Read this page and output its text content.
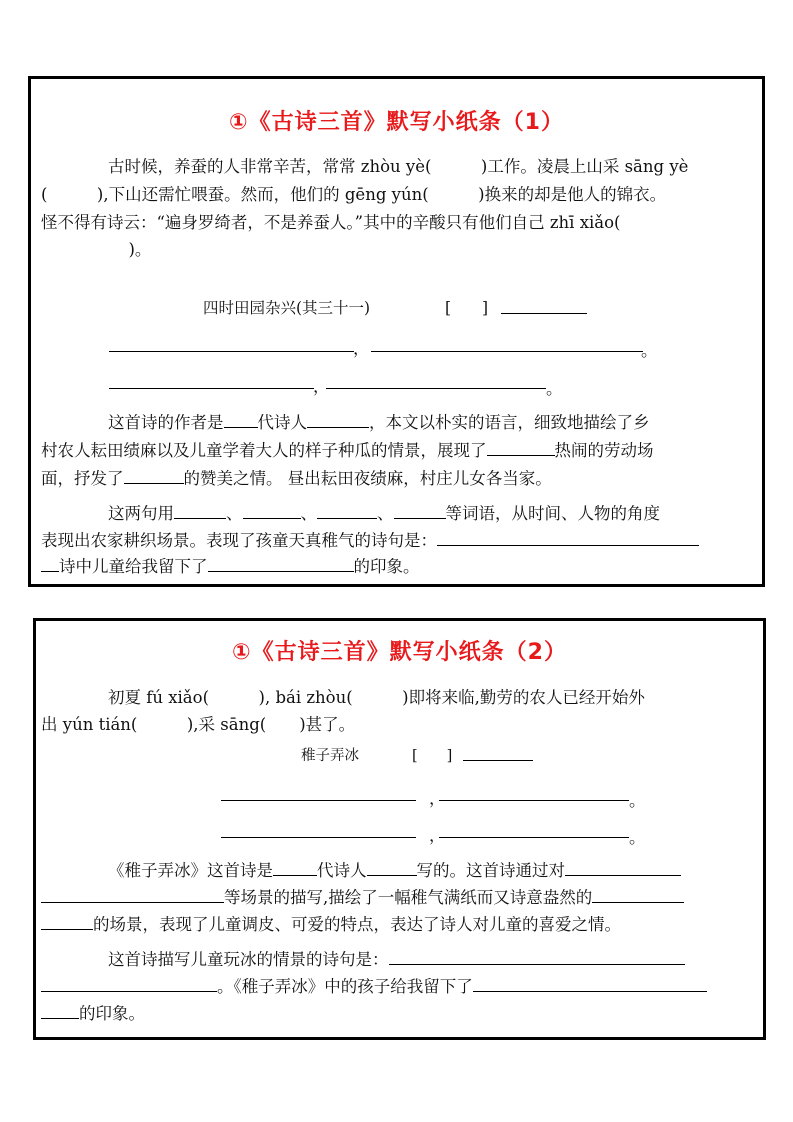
①《古诗三首》默写小纸条（1）
古时候，养蚕的人非常辛苦，常常 zhòu yè(　　　)工作。凌晨上山采 sāng yè
(　　　),下山还需忙喂蚕。然而，他们的 gēng yún(　　　)换来的却是他人的锦衣。
怪不得有诗云：“遍身罗绮者，不是养蚕人。”其中的辛酸只有他们自己 zhī xiǎo(
　　　)。
四时田园杂兴(其三十一)	[　　]
，	。
，	。
这首诗的作者是 代诗人	，本文以朴实的语言，细致地描绘了乡
村农人耘田绩麻以及儿童学着大人的样子种瓜的情景，展现了	热闹的劳动场
面，抒发了	的赞美之情。 昼出耘田夜绩麻，村庄儿女各当家。
这两句用	、	、	、	等词语，从时间、人物的角度
表现出农家耕织场景。表现了孩童天真稚气的诗句是：
诗中儿童给我留下了	的印象。
①《古诗三首》默写小纸条（2）
初夏 fú xiǎo(　　　), bái zhòu(　　　)即将来临,勤劳的农人已经开始外
出 yún tián(　　　),采 sāng(　　)甚了。
稚子弄冰	[　　]
，	。
，	。
《稚子弄冰》这首诗是	代诗人	写的。这首诗通过对
等场景的描写,描绘了一幅稚气满纸而又诗意盎然的
的场景，表现了儿童调皮、可爱的特点，表达了诗人对儿童的喜爱之情。
这首诗描写儿童玩冰的情景的诗句是：
。《稚子弄冰》中的孩子给我留下了
的印象。
